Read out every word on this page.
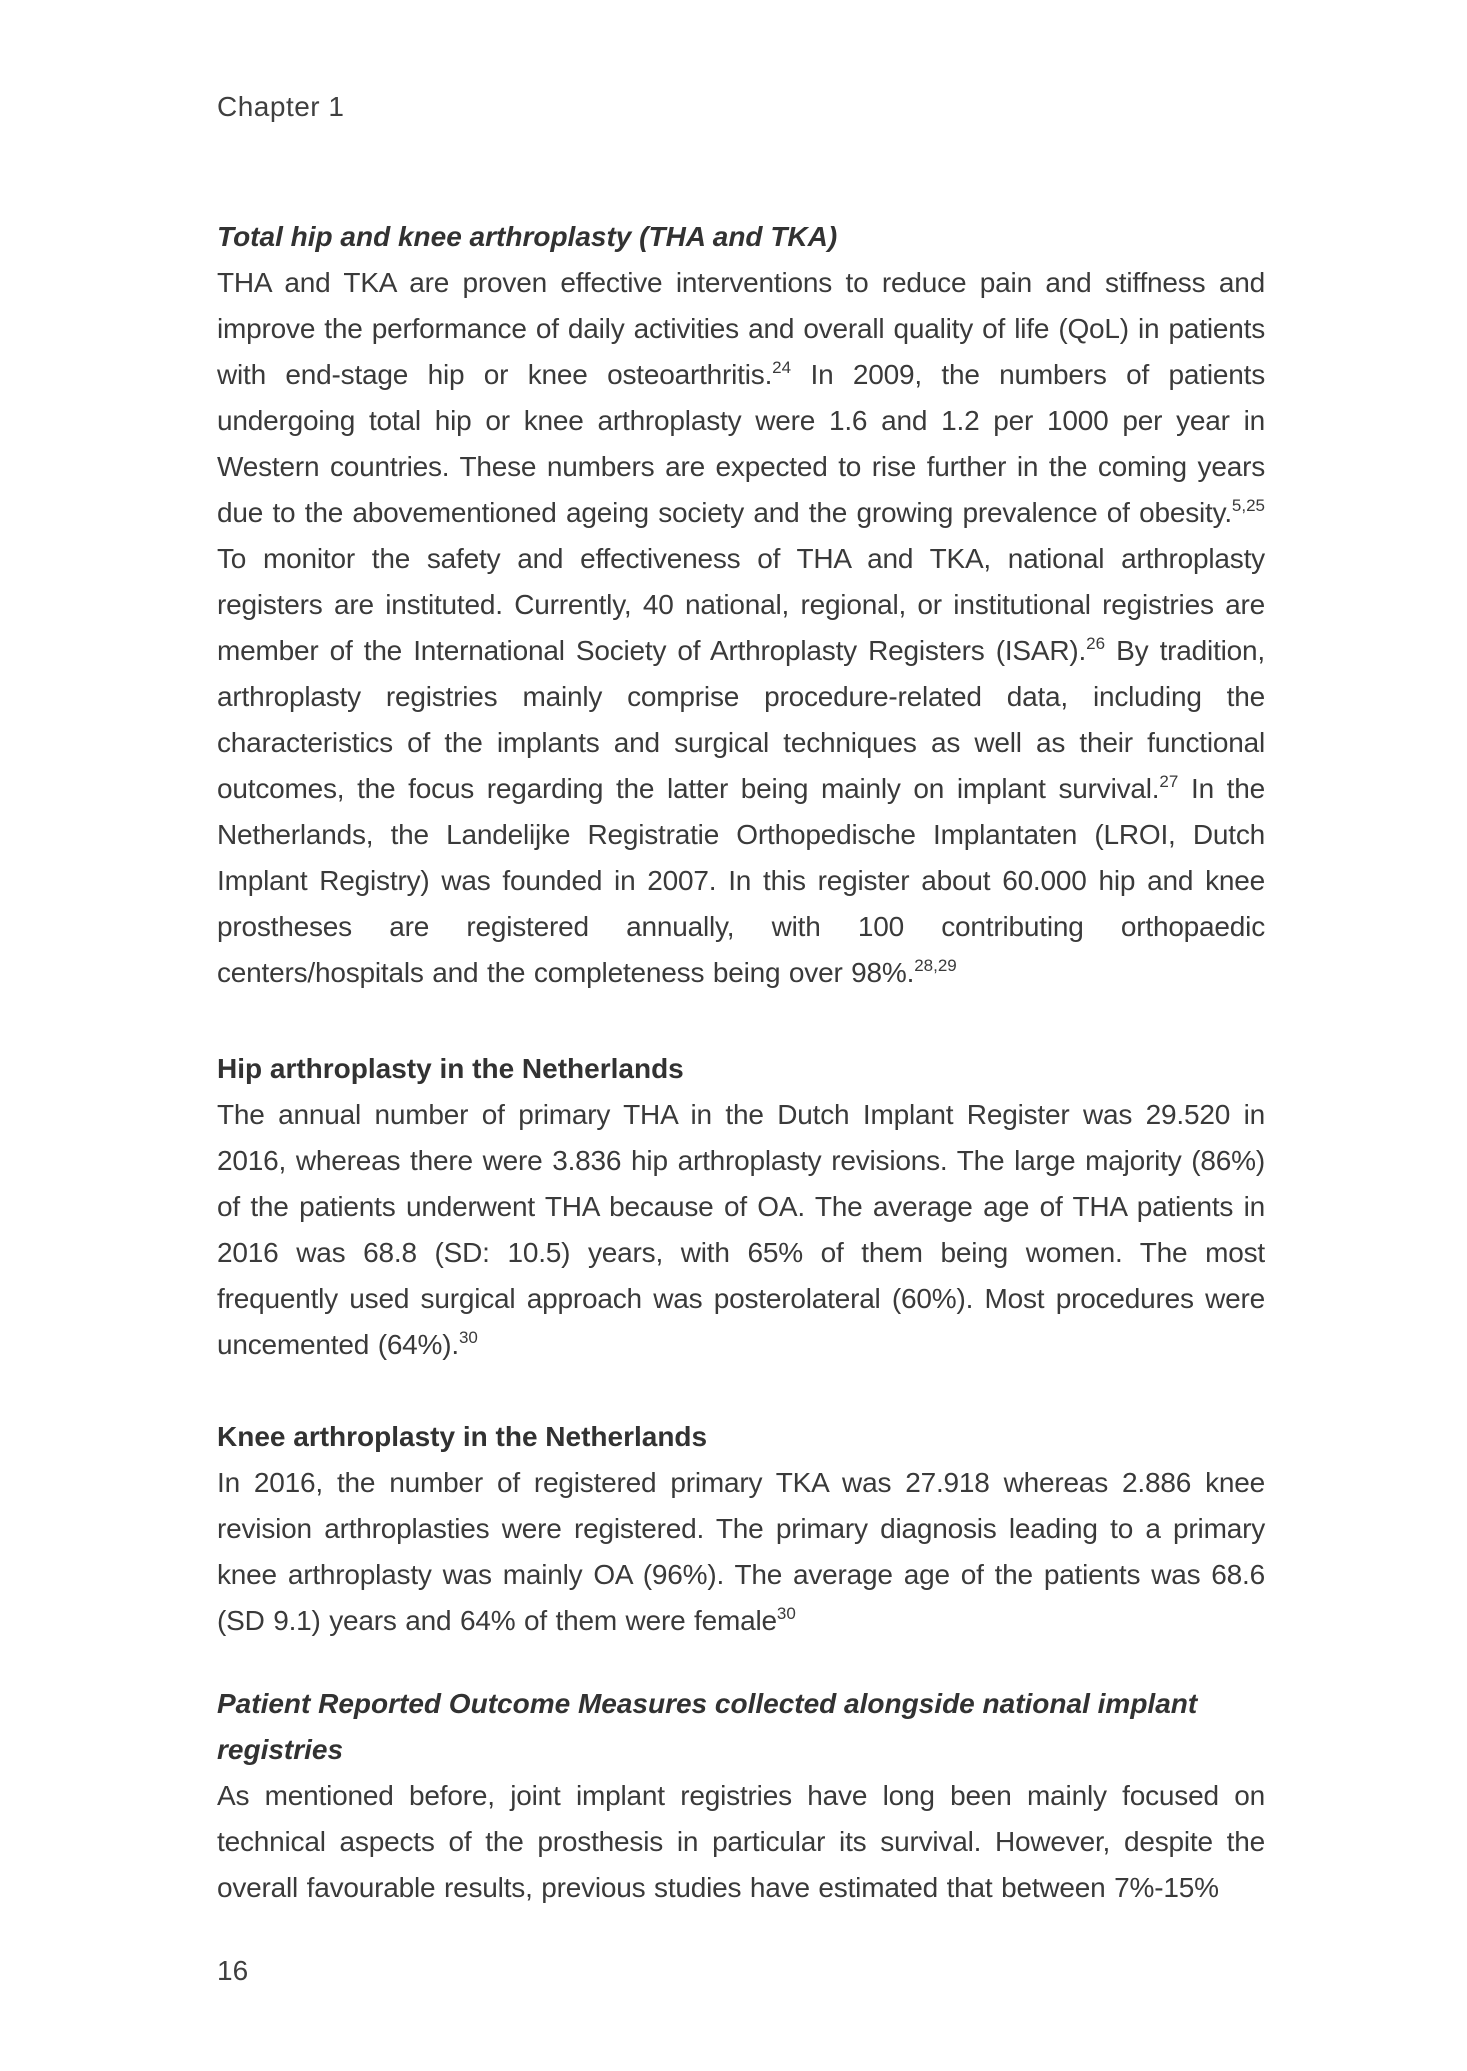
Chapter 1
Total hip and knee arthroplasty (THA and TKA)

THA and TKA are proven effective interventions to reduce pain and stiffness and improve the performance of daily activities and overall quality of life (QoL) in patients with end-stage hip or knee osteoarthritis.$^{24}$ In 2009, the numbers of patients undergoing total hip or knee arthroplasty were 1.6 and 1.2 per 1000 per year in Western countries. These numbers are expected to rise further in the coming years due to the abovementioned ageing society and the growing prevalence of obesity.$^{5,25}$ To monitor the safety and effectiveness of THA and TKA, national arthroplasty registers are instituted. Currently, 40 national, regional, or institutional registries are member of the International Society of Arthroplasty Registers (ISAR).$^{26}$ By tradition, arthroplasty registries mainly comprise procedure-related data, including the characteristics of the implants and surgical techniques as well as their functional outcomes, the focus regarding the latter being mainly on implant survival.$^{27}$ In the Netherlands, the Landelijke Registratie Orthopedische Implantaten (LROI, Dutch Implant Registry) was founded in 2007. In this register about 60.000 hip and knee prostheses are registered annually, with 100 contributing orthopaedic centers/hospitals and the completeness being over 98%.$^{28,29}$

Hip arthroplasty in the Netherlands

The annual number of primary THA in the Dutch Implant Register was 29.520 in 2016, whereas there were 3.836 hip arthroplasty revisions. The large majority (86%) of the patients underwent THA because of OA. The average age of THA patients in 2016 was 68.8 (SD: 10.5) years, with 65% of them being women. The most frequently used surgical approach was posterolateral (60%). Most procedures were uncemented (64%).$^{30}$

Knee arthroplasty in the Netherlands

In 2016, the number of registered primary TKA was 27.918 whereas 2.886 knee revision arthroplasties were registered. The primary diagnosis leading to a primary knee arthroplasty was mainly OA (96%). The average age of the patients was 68.6 (SD 9.1) years and 64% of them were female$^{30}$

Patient Reported Outcome Measures collected alongside national implant registries

As mentioned before, joint implant registries have long been mainly focused on technical aspects of the prosthesis in particular its survival. However, despite the overall favourable results, previous studies have estimated that between 7%-15%

16
